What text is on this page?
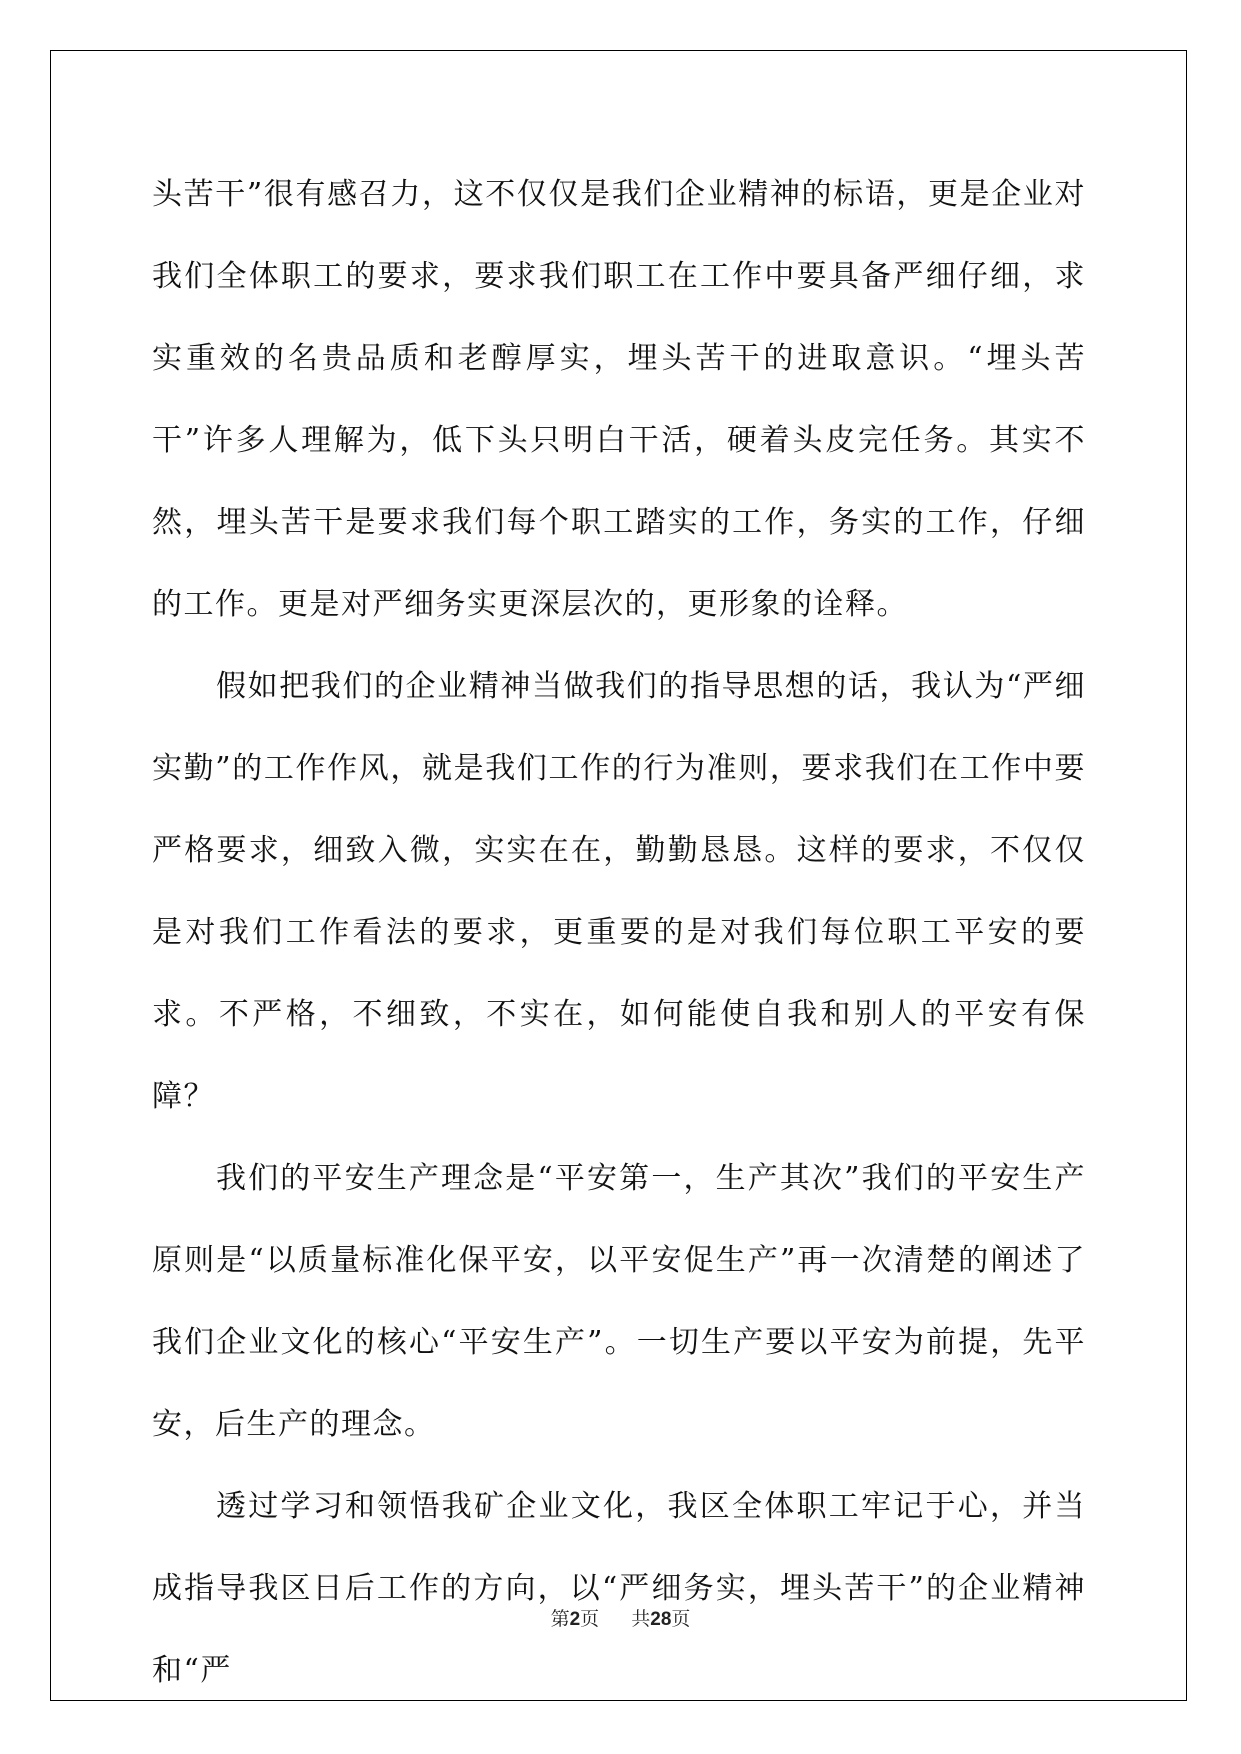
头苦干”很有感召力，这不仅仅是我们企业精神的标语，更是企业对我们全体职工的要求，要求我们职工在工作中要具备严细仔细，求实重效的名贵品质和老醇厚实，埋头苦干的进取意识。“埋头苦干”许多人理解为，低下头只明白干活，硬着头皮完任务。其实不然，埋头苦干是要求我们每个职工踏实的工作，务实的工作，仔细的工作。更是对严细务实更深层次的，更形象的诠释。

假如把我们的企业精神当做我们的指导思想的话，我认为“严细实勤”的工作作风，就是我们工作的行为准则，要求我们在工作中要严格要求，细致入微，实实在在，勤勤恳恳。这样的要求，不仅仅是对我们工作看法的要求，更重要的是对我们每位职工平安的要求。不严格，不细致，不实在，如何能使自我和别人的平安有保障？

我们的平安生产理念是“平安第一，生产其次”我们的平安生产原则是“以质量标准化保平安，以平安促生产”再一次清楚的阐述了我们企业文化的核心“平安生产”。一切生产要以平安为前提，先平安，后生产的理念。

透过学习和领悟我矿企业文化，我区全体职工牢记于心，并当成指导我区日后工作的方向，以“严细务实，埋头苦干”的企业精神和“严

第2页 共28页
